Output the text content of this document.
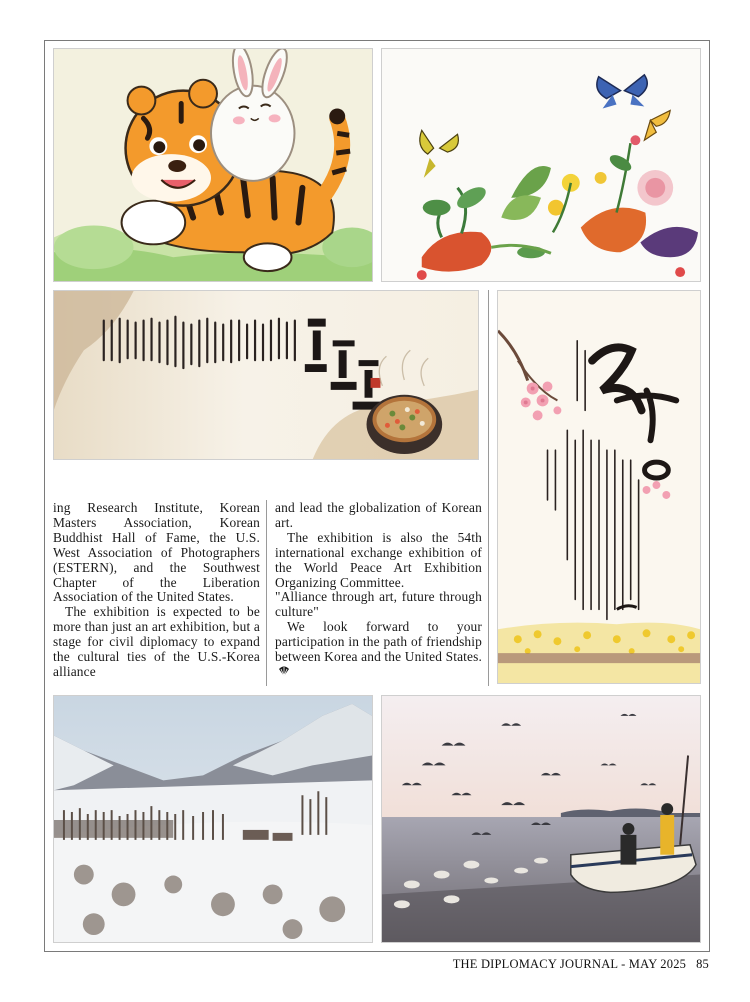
ing Research Institute, Korean Masters Association, Korean Buddhist Hall of Fame, the U.S. West Association of Photographers (ESTERN), and the Southwest Chapter of the Liberation Association of the United States.

The exhibition is expected to be more than just an art exhibition, but a stage for civil diplomacy to expand the cultural ties of the U.S.-Korea alliance

and lead the globalization of Korean art.

The exhibition is also the 54th international exchange exhibition of the World Peace Art Exhibition Organizing Committee.

"Alliance through art, future through culture"

We look forward to your participation in the path of friendship between Korea and the United States.

THE DIPLOMACY JOURNAL - MAY 2025 85
